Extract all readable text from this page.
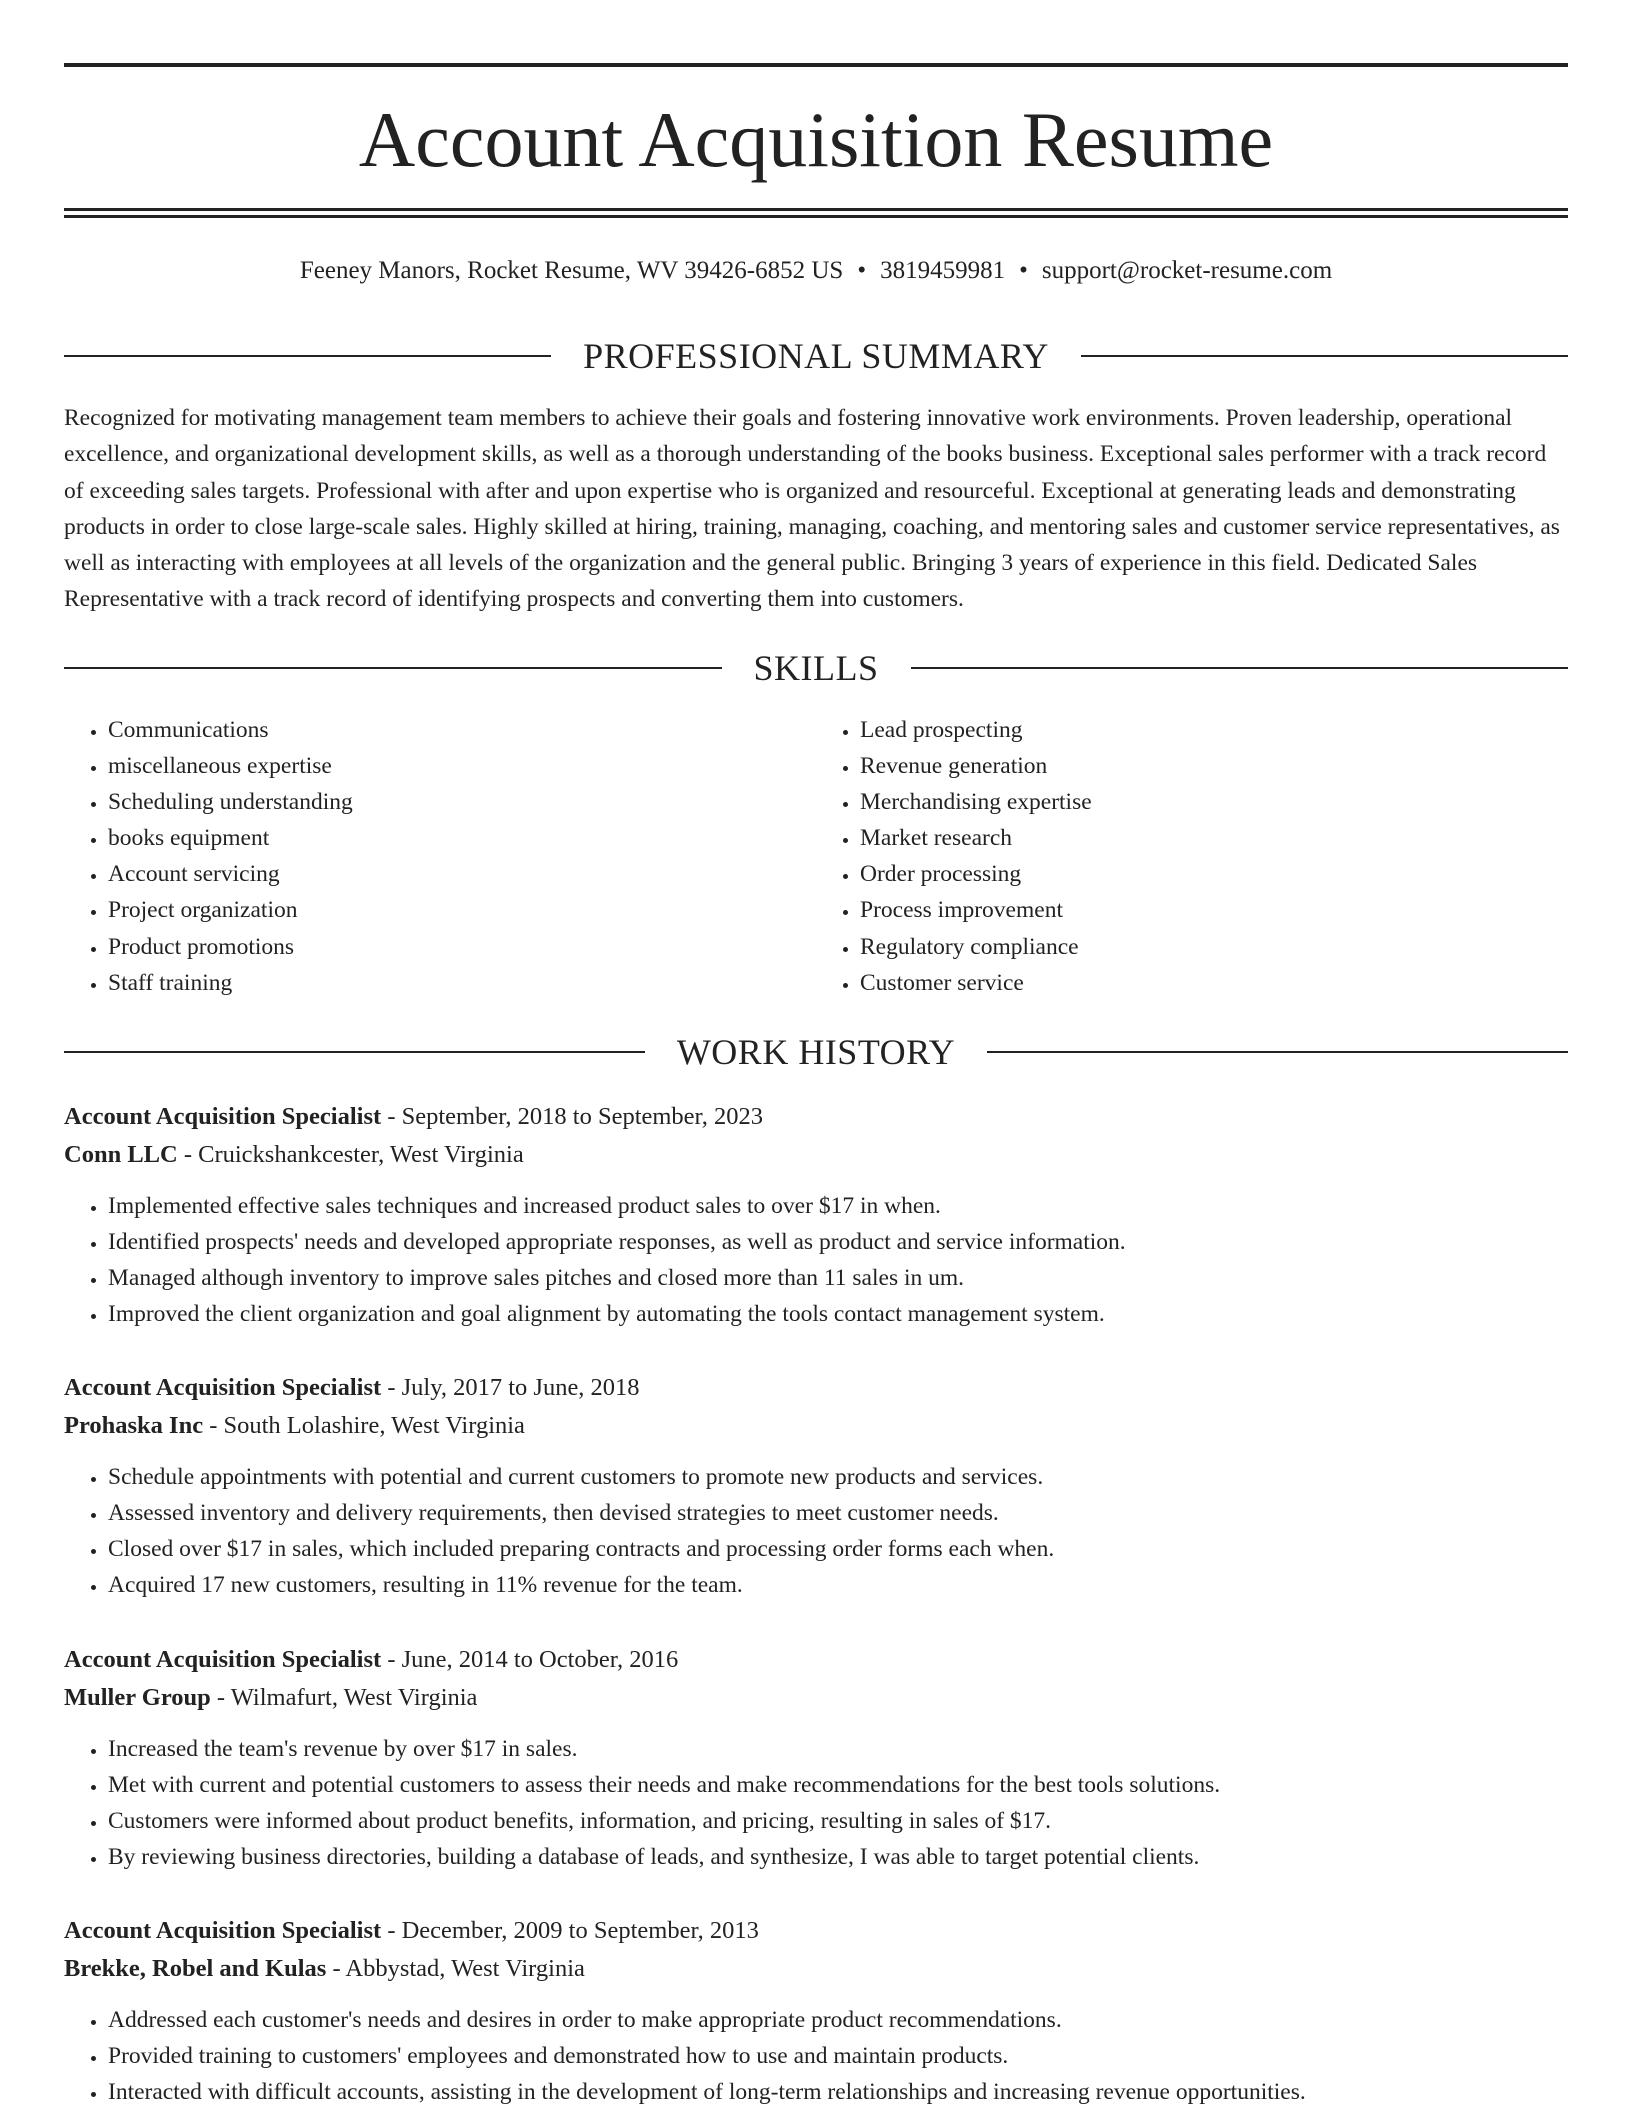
Account Acquisition Resume
Feeney Manors, Rocket Resume, WV 39426-6852 US • 3819459981 • support@rocket-resume.com
PROFESSIONAL SUMMARY

Recognized for motivating management team members to achieve their goals and fostering innovative work environments. Proven leadership, operational excellence, and organizational development skills, as well as a thorough understanding of the books business. Exceptional sales performer with a track record of exceeding sales targets. Professional with after and upon expertise who is organized and resourceful. Exceptional at generating leads and demonstrating products in order to close large-scale sales. Highly skilled at hiring, training, managing, coaching, and mentoring sales and customer service representatives, as well as interacting with employees at all levels of the organization and the general public. Bringing 3 years of experience in this field. Dedicated Sales Representative with a track record of identifying prospects and converting them into customers.

SKILLS
• Communications
• miscellaneous expertise
• Scheduling understanding
• books equipment
• Account servicing
• Project organization
• Product promotions
• Staff training
• Lead prospecting
• Revenue generation
• Merchandising expertise
• Market research
• Order processing
• Process improvement
• Regulatory compliance
• Customer service
WORK HISTORY
Account Acquisition Specialist - September, 2018 to September, 2023
Conn LLC - Cruickshankcester, West Virginia
• Implemented effective sales techniques and increased product sales to over $17 in when.
• Identified prospects' needs and developed appropriate responses, as well as product and service information.
• Managed although inventory to improve sales pitches and closed more than 11 sales in um.
• Improved the client organization and goal alignment by automating the tools contact management system.
Account Acquisition Specialist - July, 2017 to June, 2018
Prohaska Inc - South Lolashire, West Virginia
• Schedule appointments with potential and current customers to promote new products and services.
• Assessed inventory and delivery requirements, then devised strategies to meet customer needs.
• Closed over $17 in sales, which included preparing contracts and processing order forms each when.
• Acquired 17 new customers, resulting in 11% revenue for the team.
Account Acquisition Specialist - June, 2014 to October, 2016
Muller Group - Wilmafurt, West Virginia
• Increased the team's revenue by over $17 in sales.
• Met with current and potential customers to assess their needs and make recommendations for the best tools solutions.
• Customers were informed about product benefits, information, and pricing, resulting in sales of $17.
• By reviewing business directories, building a database of leads, and synthesize, I was able to target potential clients.
Account Acquisition Specialist - December, 2009 to September, 2013
Brekke, Robel and Kulas - Abbystad, West Virginia
• Addressed each customer's needs and desires in order to make appropriate product recommendations.
• Provided training to customers' employees and demonstrated how to use and maintain products.
• Interacted with difficult accounts, assisting in the development of long-term relationships and increasing revenue opportunities.
